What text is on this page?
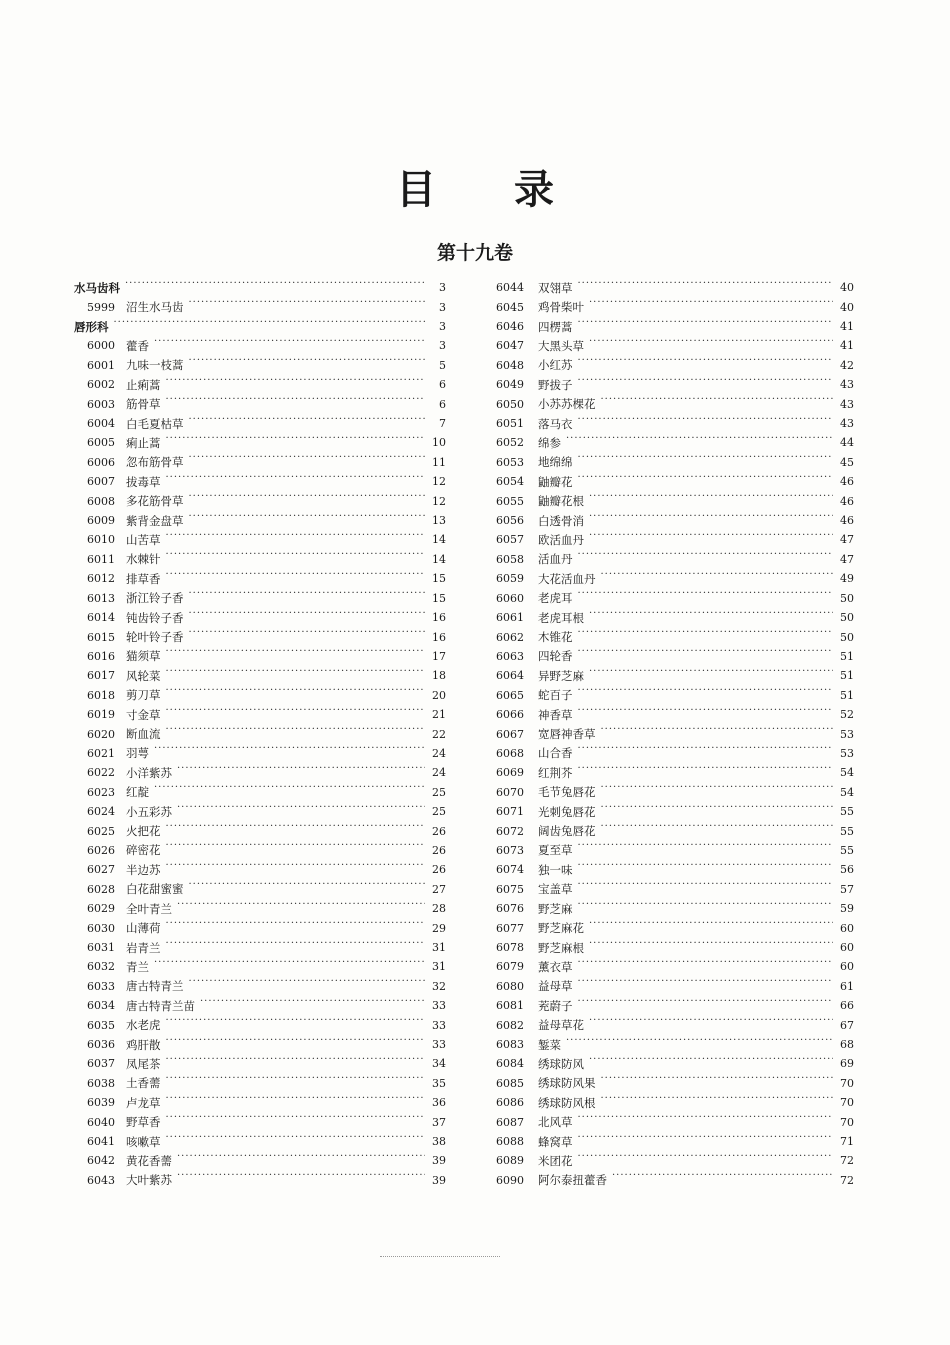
目 录
第十九卷
水马齿科 ·····	3
5999 沼生水马齿 ·····	3
唇形科 ·····	3
6000 藿香 ·····	3
6001 九味一枝蒿 ·····	5
6002 止痢蒿 ·····	6
6003 筋骨草 ·····	6
6004 白毛夏枯草 ·····	7
6005 痢止蒿 ·····	10
6006 忽布筋骨草 ·····	11
6007 拔毒草 ·····	12
6008 多花筋骨草 ·····	12
6009 紫背金盘草 ·····	13
6010 山苦草 ·····	14
6011 水棘针 ·····	14
6012 排草香 ·····	15
6013 浙江铃子香 ·····	15
6014 钝齿铃子香 ·····	16
6015 轮叶铃子香 ·····	16
6016 猫须草 ·····	17
6017 风轮菜 ·····	18
6018 剪刀草 ·····	20
6019 寸金草 ·····	21
6020 断血流 ·····	22
6021 羽萼 ·····	24
6022 小洋紫苏 ·····	24
6023 红靛 ·····	25
6024 小五彩苏 ·····	25
6025 火把花 ·····	26
6026 碎密花 ·····	26
6027 半边苏 ·····	26
6028 白花甜蜜蜜 ·····	27
6029 全叶青兰 ·····	28
6030 山薄荷 ·····	29
6031 岩青兰 ·····	31
6032 青兰 ·····	31
6033 唐古特青兰 ·····	32
6034 唐古特青兰苗 ·····	33
6035 水老虎 ·····	33
6036 鸡肝散 ·····	33
6037 凤尾茶 ·····	34
6038 土香薷 ·····	35
6039 卢龙草 ·····	36
6040 野草香 ·····	37
6041 咳嗽草 ·····	38
6042 黄花香薷 ·····	39
6043 大叶紫苏 ·····	39
6044	双翎草 ·····	40
6045	鸡骨柴叶 ·····	40
6046	四楞蒿 ·····	41
6047	大黑头草 ·····	41
6048	小红苏 ·····	42
6049	野拔子 ·····	43
6050	小苏苏棵花 ·····	43
6051	落马衣 ·····	43
6052	绵参 ·····	44
6053	地绵绵 ·····	45
6054	鼬瓣花 ·····	46
6055	鼬瓣花根 ·····	46
6056	白透骨消 ·····	46
6057	欧活血丹 ·····	47
6058	活血丹 ·····	47
6059	大花活血丹 ·····	49
6060	老虎耳 ·····	50
6061	老虎耳根 ·····	50
6062	木锥花 ·····	50
6063	四轮香 ·····	51
6064	异野芝麻 ·····	51
6065	蛇百子 ·····	51
6066	神香草 ·····	52
6067	宽唇神香草 ·····	53
6068	山合香 ·····	53
6069	红荆芥 ·····	54
6070	毛节兔唇花 ·····	54
6071	光刺兔唇花 ·····	55
6072	阔齿兔唇花 ·····	55
6073	夏至草 ·····	55
6074	独一味 ·····	56
6075	宝盖草 ·····	57
6076	野芝麻 ·····	59
6077	野芝麻花 ·····	60
6078	野芝麻根 ·····	60
6079	薰衣草 ·····	60
6080	益母草 ·····	61
6081	茺蔚子 ·····	66
6082	益母草花 ·····	67
6083	錾菜 ·····	68
6084	绣球防风 ·····	69
6085	绣球防风果 ·····	70
6086	绣球防风根 ·····	70
6087	北风草 ·····	70
6088	蜂窝草 ·····	71
6089	米团花 ·····	72
6090	阿尔泰扭藿香 ·····	72
